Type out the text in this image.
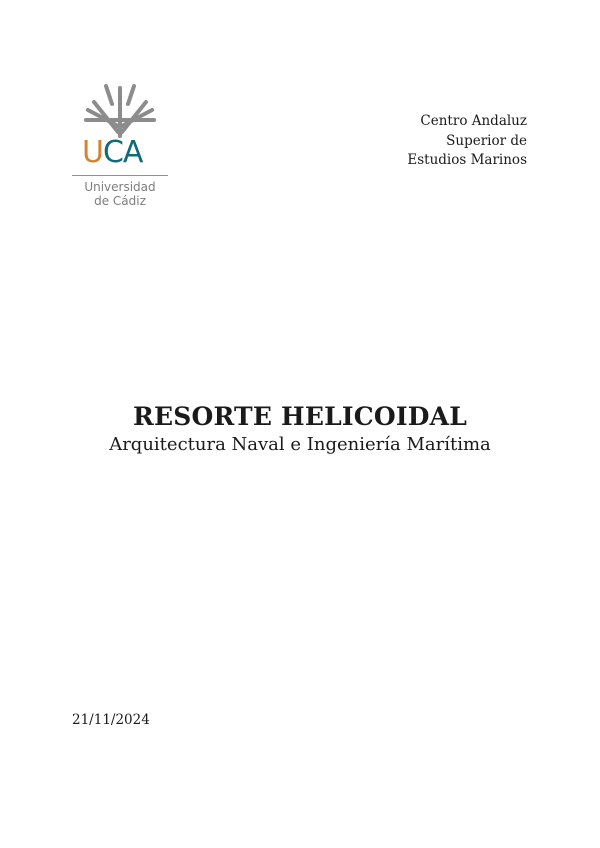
UCA
Universidad
de Cádiz
Centro Andaluz
Superior de
Estudios Marinos
RESORTE HELICOIDAL
Arquitectura Naval e Ingeniería Marítima
21/11/2024
